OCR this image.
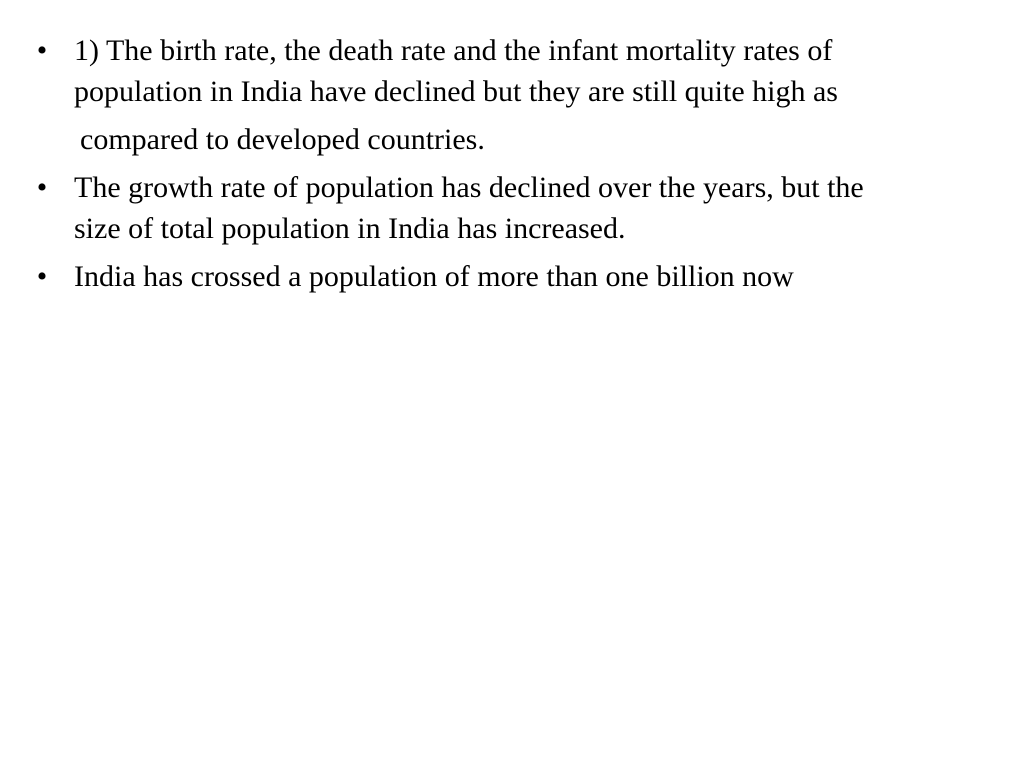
• 1) The birth rate, the death rate and the infant mortality rates of
population in India have declined but they are still quite high as
compared to developed countries.
• The growth rate of population has declined over the years, but the
size of total population in India has increased.
• India has crossed a population of more than one billion now
